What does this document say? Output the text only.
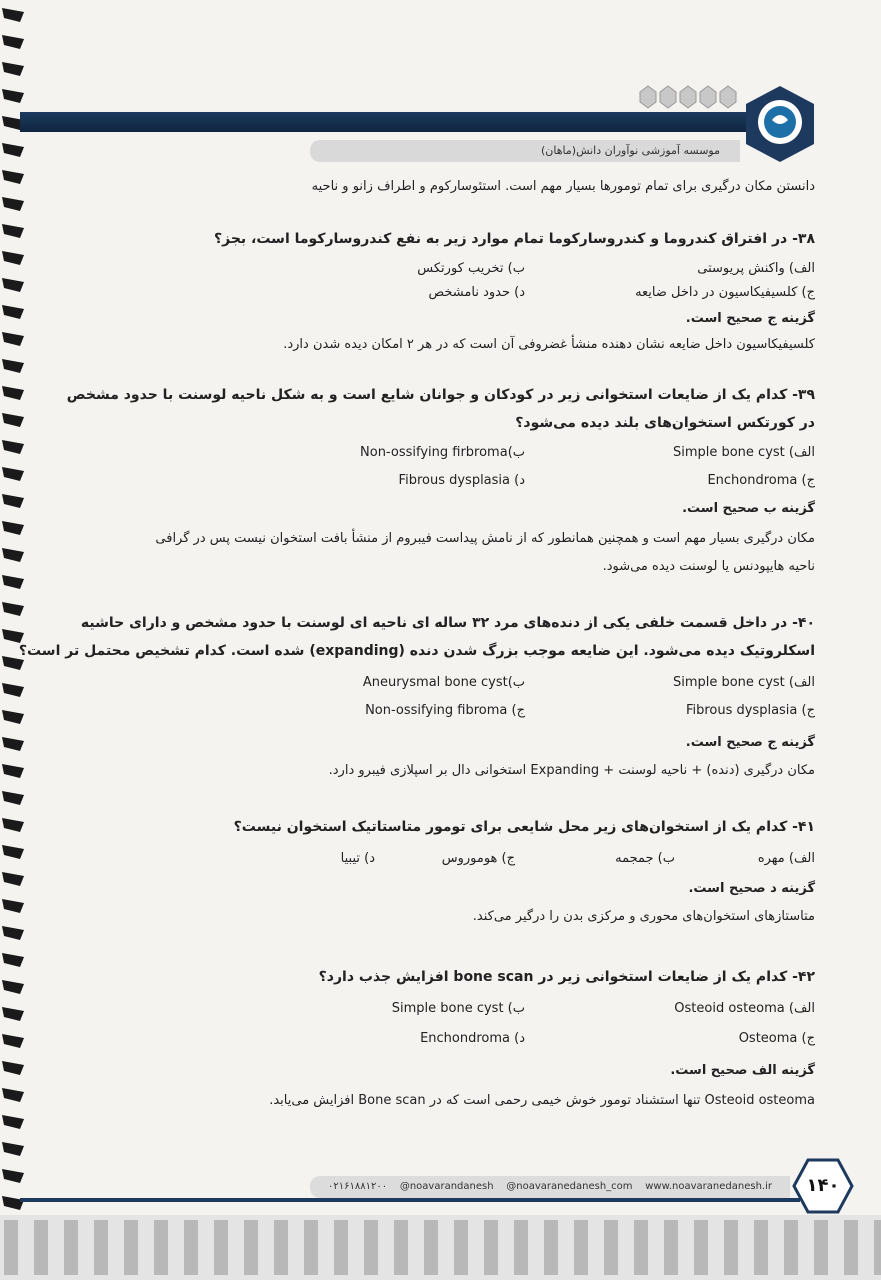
موسسه آموزشی نوآوران دانش(ماهان)
دانستن مکان درگیری برای تمام تومورها بسیار مهم است. استئوسارکوم و اطراف زانو و ناحیه
۳۸- در افتراق کندروما و کندروسارکوما تمام موارد زیر به نفع کندروسارکوما است، بجز؟
الف) واکنش پریوستی
ب) تخریب کورتکس
ج) کلسیفیکاسیون در داخل ضایعه
د) حدود نامشخص
گزینه ج صحیح است.
کلسیفیکاسیون داخل ضایعه نشان دهنده منشأ غضروفی آن است که در هر ۲ امکان دیده شدن دارد.
۳۹- کدام یک از ضایعات استخوانی زیر در کودکان و جوانان شایع است و به شکل ناحیه لوسنت با حدود مشخص
در کورتکس استخوان‌های بلند دیده می‌شود؟
الف) Simple bone cyst
ب)Non-ossifying firbroma
ج) Enchondroma
د) Fibrous dysplasia
گزینه ب صحیح است.
مکان درگیری بسیار مهم است و همچنین همانطور که از نامش پیداست فیبروم از منشأ بافت استخوان نیست پس در گرافی
ناحیه هایپودنس یا لوسنت دیده می‌شود.
۴۰- در داخل قسمت خلفی یکی از دنده‌های مرد ۳۲ ساله ای ناحیه ای لوسنت با حدود مشخص و دارای حاشیه
اسکلروتیک دیده می‌شود. این ضایعه موجب بزرگ شدن دنده (expanding) شده است. کدام تشخیص محتمل تر است؟
الف) Simple bone cyst
ب)Aneurysmal bone cyst
ج) Fibrous dysplasia
ج) Non-ossifying fibroma
گزینه ج صحیح است.
مکان درگیری (دنده) + ناحیه لوسنت + Expanding استخوانی دال بر اسپلازی فیبرو دارد.
۴۱- کدام یک از استخوان‌های زیر محل شایعی برای تومور متاستاتیک استخوان نیست؟
الف) مهره
ب) جمجمه
ج) هوموروس
د) تیبیا
گزینه د صحیح است.
متاستازهای استخوان‌های محوری و مرکزی بدن را درگیر می‌کند.
۴۲- کدام یک از ضایعات استخوانی زیر در bone scan افزایش جذب دارد؟
الف) Osteoid osteoma
ب) Simple bone cyst
ج) Osteoma
د) Enchondroma
گزینه الف صحیح است.
Osteoid osteoma تنها استشناد تومور خوش خیمی رحمی است که در Bone scan افزایش می‌یابد.
۰۲۱۶۱۸۸۱۲۰۰ @noavarandanesh @noavaranedanesh_com www.noavaranedanesh.ir	۱۴۰
